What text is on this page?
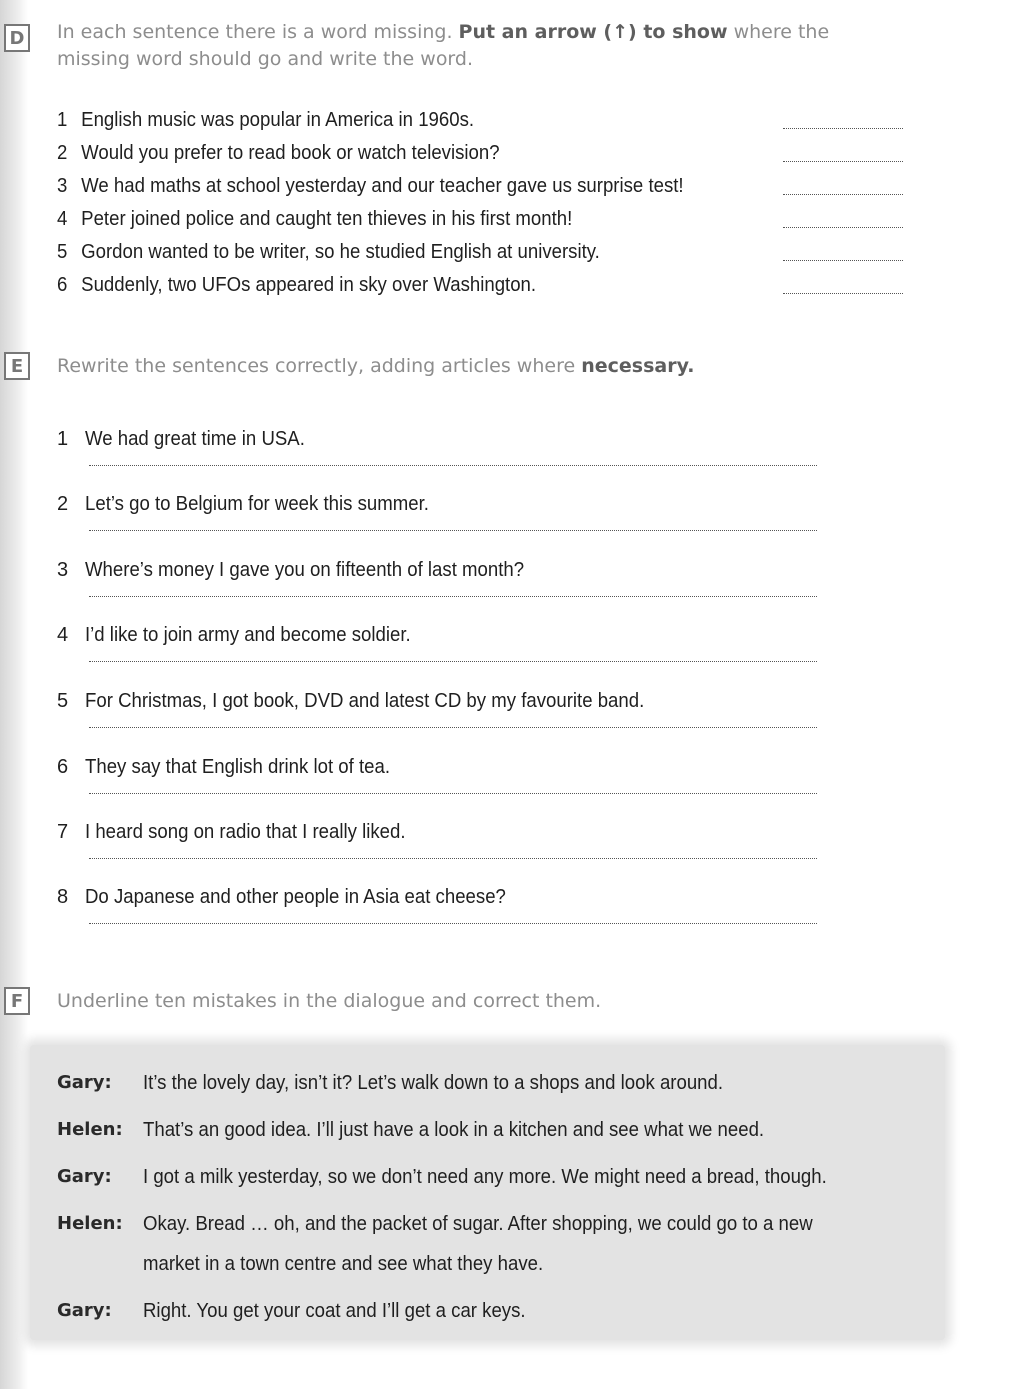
D In each sentence there is a word missing. Put an arrow (↑) to show where the missing word should go and write the word.
1 English music was popular in America in 1960s.
2 Would you prefer to read book or watch television?
3 We had maths at school yesterday and our teacher gave us surprise test!
4 Peter joined police and caught ten thieves in his first month!
5 Gordon wanted to be writer, so he studied English at university.
6 Suddenly, two UFOs appeared in sky over Washington.
E	Rewrite the sentences correctly, adding articles where necessary.
1 We had great time in USA.
2 Let’s go to Belgium for week this summer.
3 Where’s money I gave you on fifteenth of last month?
4 I’d like to join army and become soldier.
5 For Christmas, I got book, DVD and latest CD by my favourite band.
6 They say that English drink lot of tea.
7 I heard song on radio that I really liked.
8 Do Japanese and other people in Asia eat cheese?
F	Underline ten mistakes in the dialogue and correct them.
Gary: It’s the lovely day, isn’t it? Let’s walk down to a shops and look around.
Helen: That’s an good idea. I’ll just have a look in a kitchen and see what we need.
Gary: I got a milk yesterday, so we don’t need any more. We might need a bread, though.
Helen: Okay. Bread … oh, and the packet of sugar. After shopping, we could go to a new
market in a town centre and see what they have.
Gary: Right. You get your coat and I’ll get a car keys.
